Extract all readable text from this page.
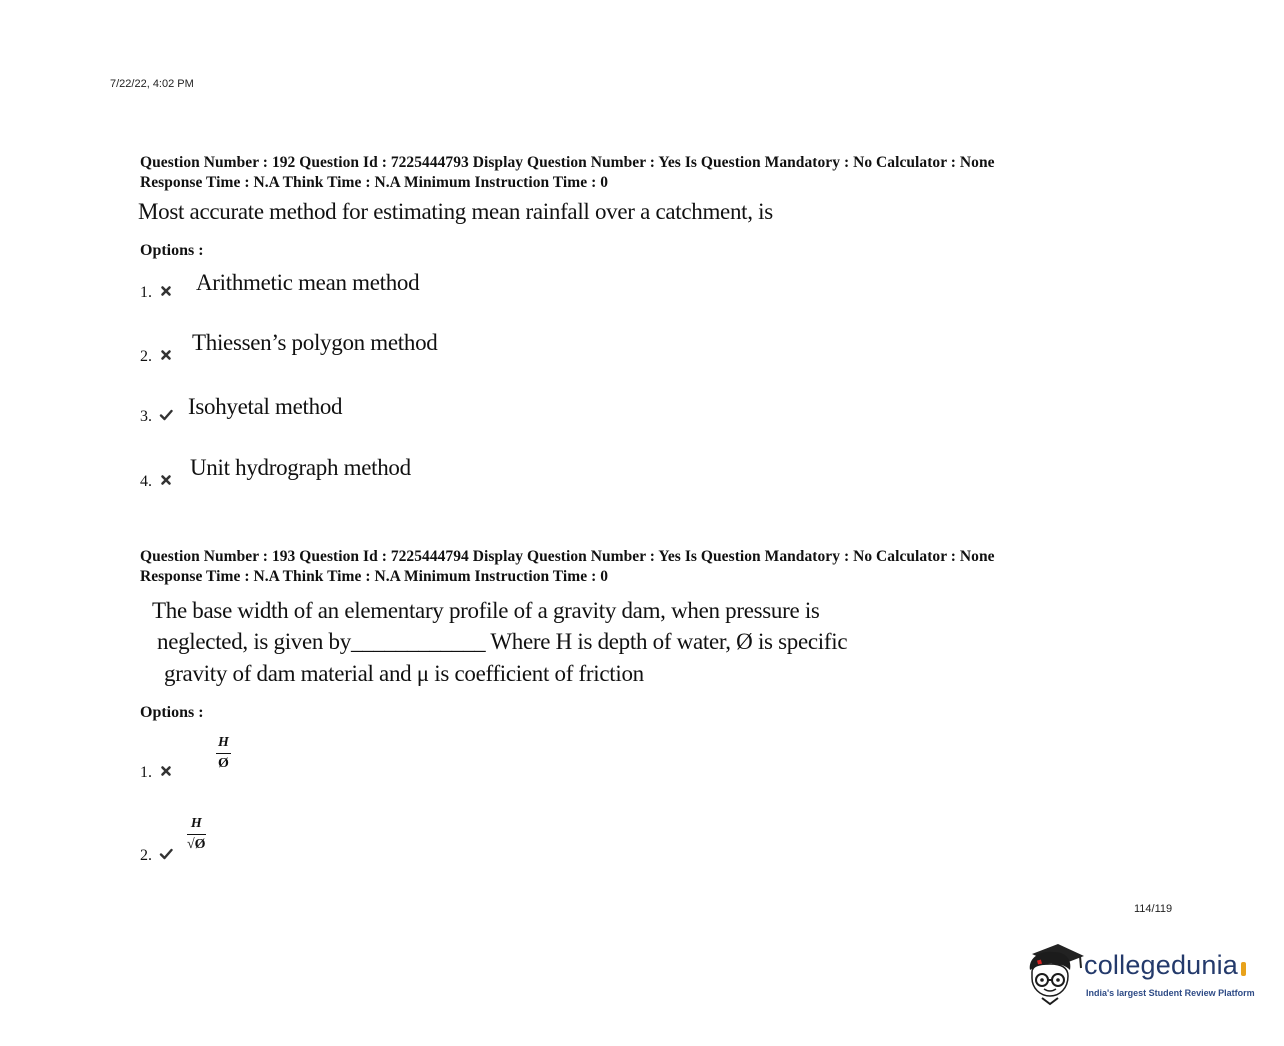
7/22/22, 4:02 PM
Question Number : 192 Question Id : 7225444793 Display Question Number : Yes Is Question Mandatory : No Calculator : None
Response Time : N.A Think Time : N.A Minimum Instruction Time : 0
Most accurate method for estimating mean rainfall over a catchment, is
Options :
1.	Arithmetic mean method
2.
Thiessen’s polygon method
3.	Isohyetal method
4.
Unit hydrograph method
Question Number : 193 Question Id : 7225444794 Display Question Number : Yes Is Question Mandatory : No Calculator : None
Response Time : N.A Think Time : N.A Minimum Instruction Time : 0
The base width of an elementary profile of a gravity dam, when pressure is
neglected, is given by____________ Where H is depth of water, Ø is specific
gravity of dam material and μ is coefficient of friction
Options :
1.
H
Ø
2.
H
√Ø
114/119
collegedunia
India's largest Student Review Platform
